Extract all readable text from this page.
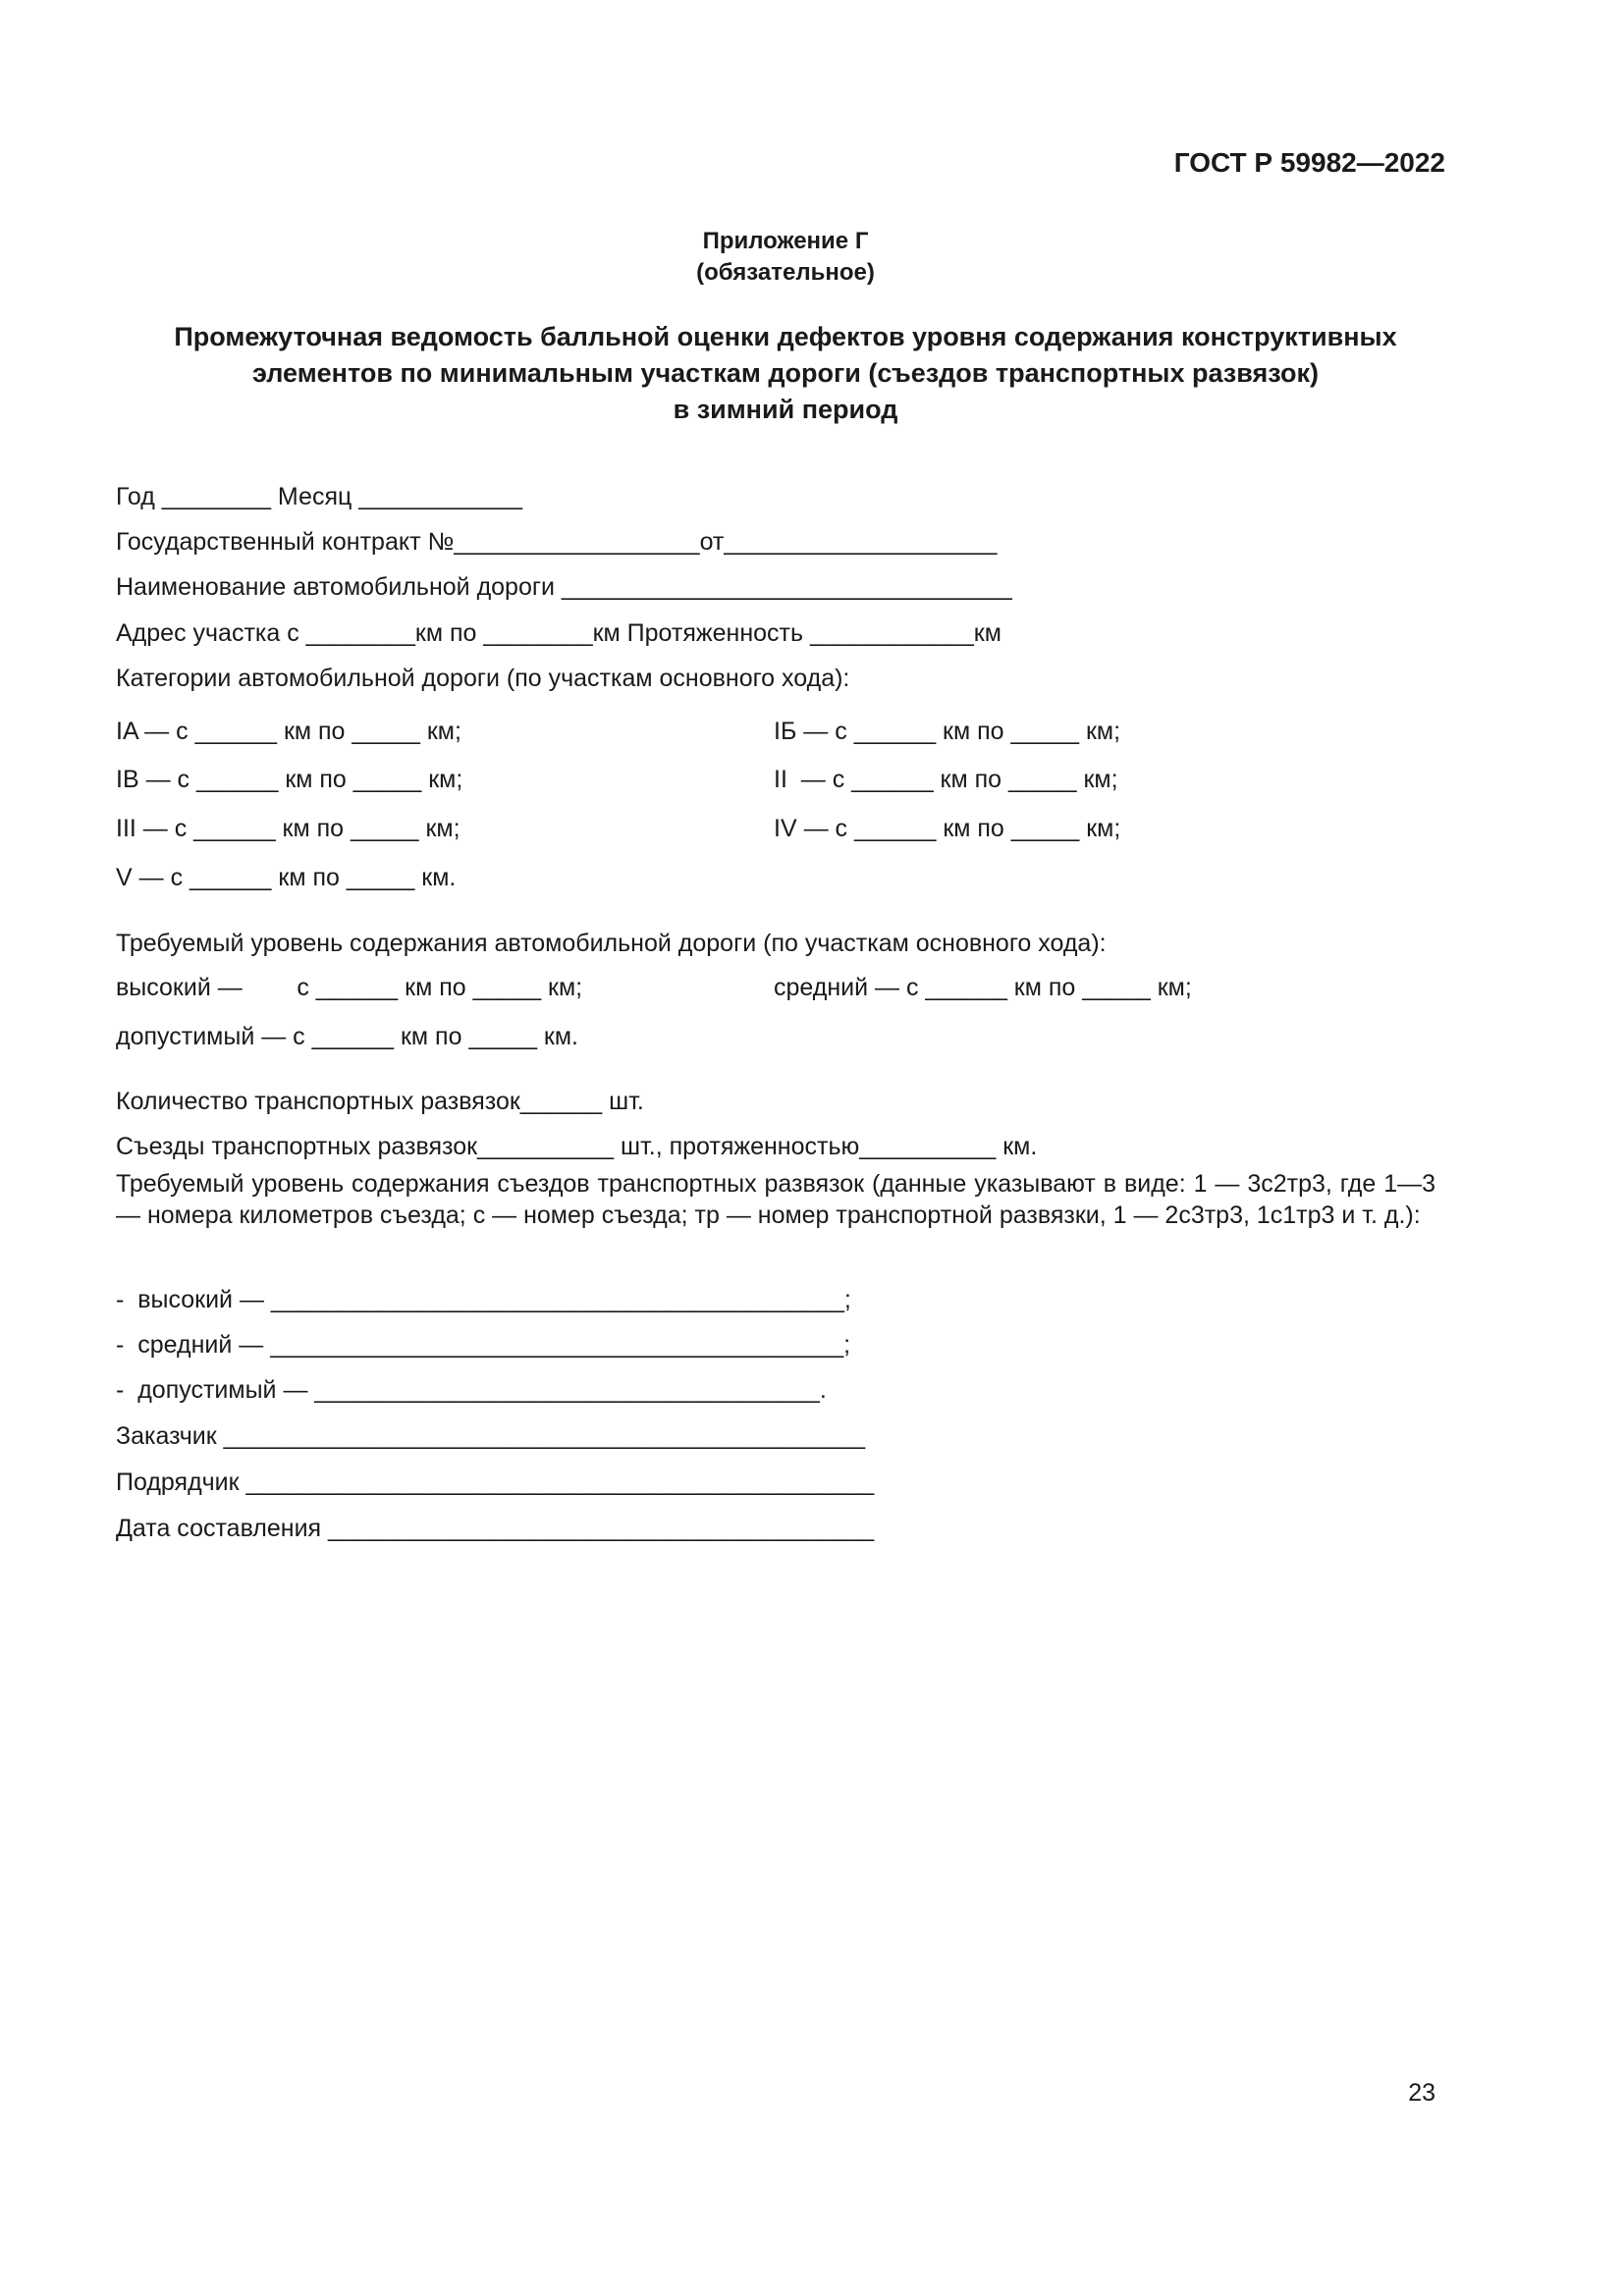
ГОСТ Р 59982—2022
Приложение Г
(обязательное)
Промежуточная ведомость балльной оценки дефектов уровня содержания конструктивных
элементов по минимальным участкам дороги (съездов транспортных развязок)
в зимний период
Год ________ Месяц ____________
Государственный контракт №__________________от____________________
Наименование автомобильной дороги _________________________________
Адрес участка с ________км по ________км Протяженность ____________км
Категории автомобильной дороги (по участкам основного хода):
IA — с ______ км по _____ км;	IБ — с ______ км по _____ км;
IB — с ______ км по _____ км;	II  — с ______ км по _____ км;
III — с ______ км по _____ км;	IV — с ______ км по _____ км;
V — с ______ км по _____ км.
Требуемый уровень содержания автомобильной дороги (по участкам основного хода):
высокий —        с ______ км по _____ км;	средний — с ______ км по _____ км;
допустимый — с ______ км по _____ км.
Количество транспортных развязок______ шт.
Съезды транспортных развязок__________ шт., протяженностью__________ км.
Требуемый уровень содержания съездов транспортных развязок (данные указывают в виде: 1 — 3с2тр3, где 1—3 — номера километров съезда; с — номер съезда; тр — номер транспортной развязки, 1 — 2с3тр3, 1с1тр3 и т. д.):
-  высокий — __________________________________________;
-  средний — __________________________________________;
-  допустимый — _____________________________________.
Заказчик _______________________________________________
Подрядчик ______________________________________________
Дата составления ________________________________________
23
